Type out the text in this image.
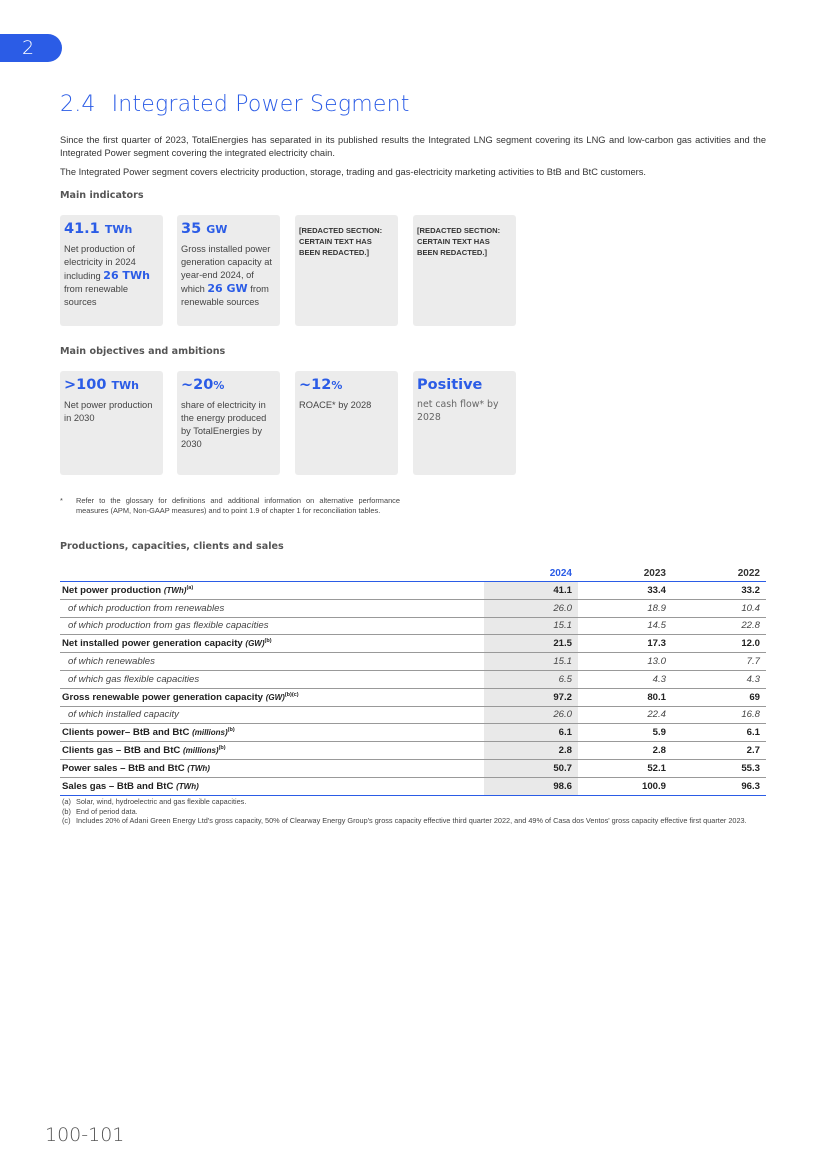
2
2.4 Integrated Power Segment

Since the first quarter of 2023, TotalEnergies has separated in its published results the Integrated LNG segment covering its LNG and low-carbon gas activities and the Integrated Power segment covering the integrated electricity chain.

The Integrated Power segment covers electricity production, storage, trading and gas-electricity marketing activities to BtB and BtC customers.

Main indicators
41.1 TWh
Net production of electricity in 2024 including 26 TWh from renewable sources
35 GW
Gross installed power generation capacity at year-end 2024, of which 26 GW from renewable sources
[REDACTED SECTION: CERTAIN TEXT HAS BEEN REDACTED.]
[REDACTED SECTION: CERTAIN TEXT HAS BEEN REDACTED.]
Main objectives and ambitions
>100 TWh
Net power production in 2030
~20%
share of electricity in the energy produced by TotalEnergies by 2030
~12%
ROACE* by 2028
Positive
net cash flow* by 2028
*	Refer to the glossary for definitions and additional information on alternative performance measures (APM, Non-GAAP measures) and to point 1.9 of chapter 1 for reconciliation tables.
Productions, capacities, clients and sales
	2024	2023	2022
Net power production (TWh)$^{(a)}$	41.1	33.4	33.2
of which production from renewables	26.0	18.9	10.4
of which production from gas flexible capacities	15.1	14.5	22.8
Net installed power generation capacity (GW)$^{(b)}$	21.5	17.3	12.0
of which renewables	15.1	13.0	7.7
of which gas flexible capacities	6.5	4.3	4.3
Gross renewable power generation capacity (GW)$^{(b)(c)}$	97.2	80.1	69
of which installed capacity	26.0	22.4	16.8
Clients power– BtB and BtC (millions)$^{(b)}$	6.1	5.9	6.1
Clients gas – BtB and BtC (millions)$^{(b)}$	2.8	2.8	2.7
Power sales – BtB and BtC (TWh)	50.7	52.1	55.3
Sales gas – BtB and BtC (TWh)	98.6	100.9	96.3
(a) Solar, wind, hydroelectric and gas flexible capacities.
(b) End of period data.
(c) Includes 20% of Adani Green Energy Ltd's gross capacity, 50% of Clearway Energy Group's gross capacity effective third quarter 2022, and 49% of Casa dos Ventos' gross capacity effective first quarter 2023.
100-101
